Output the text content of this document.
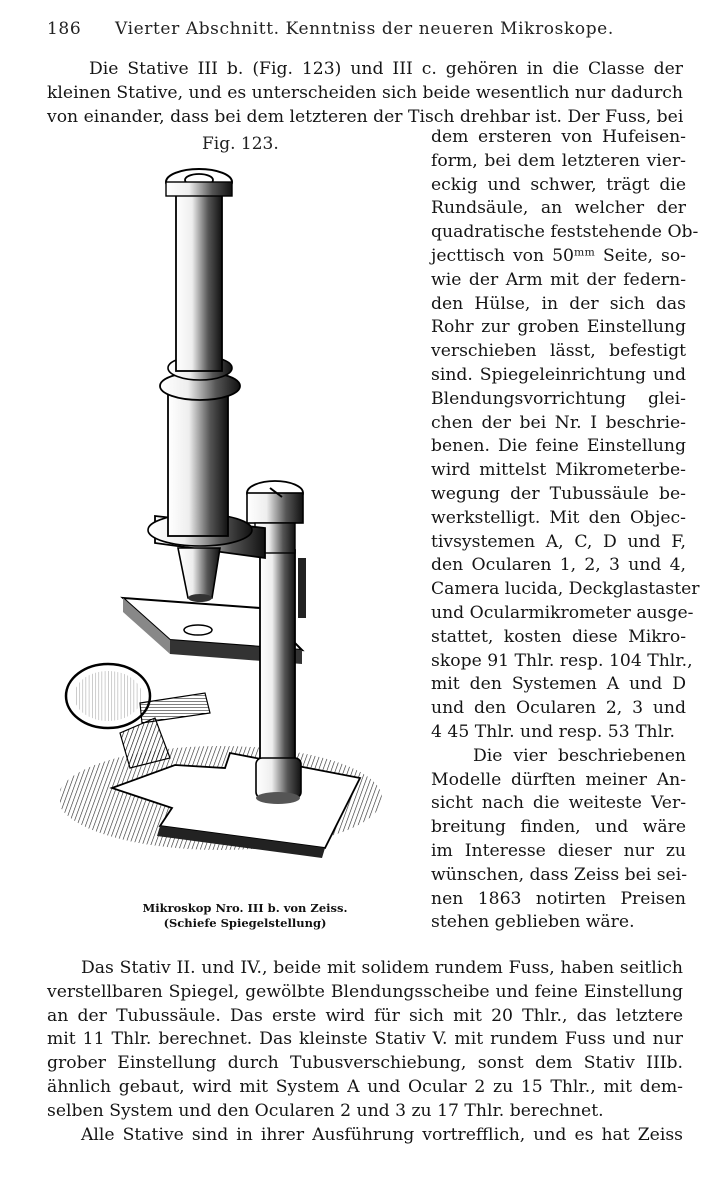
186 Vierter Abschnitt. Kenntniss der neueren Mikroskope.
Die Stative III b. (Fig. 123) und III c. gehören in die Classe der
kleinen Stative, und es unterscheiden sich beide wesentlich nur dadurch
von einander, dass bei dem letzteren der Tisch drehbar ist. Der Fuss, bei
Fig. 123.
Mikroskop Nro. III b. von Zeiss.
(Schiefe Spiegelstellung)
dem ersteren von Hufeisen-
form, bei dem letzteren vier-
eckig und schwer, trägt die
Rundsäule, an welcher der
quadratische feststehende Ob-
jecttisch von 50ᵐᵐ Seite, so-
wie der Arm mit der federn-
den Hülse, in der sich das
Rohr zur groben Einstellung
verschieben lässt, befestigt
sind. Spiegeleinrichtung und
Blendungsvorrichtung glei-
chen der bei Nr. I beschrie-
benen. Die feine Einstellung
wird mittelst Mikrometerbe-
wegung der Tubussäule be-
werkstelligt. Mit den Objec-
tivsystemen A, C, D und F,
den Ocularen 1, 2, 3 und 4,
Camera lucida, Deckglastaster
und Ocularmikrometer ausge-
stattet, kosten diese Mikro-
skope 91 Thlr. resp. 104 Thlr.,
mit den Systemen A und D
und den Ocularen 2, 3 und
4 45 Thlr. und resp. 53 Thlr.
Die vier beschriebenen
Modelle dürften meiner An-
sicht nach die weiteste Ver-
breitung finden, und wäre
im Interesse dieser nur zu
wünschen, dass Zeiss bei sei-
nen 1863 notirten Preisen
stehen geblieben wäre.
Das Stativ II. und IV., beide mit solidem rundem Fuss, haben seitlich
verstellbaren Spiegel, gewölbte Blendungsscheibe und feine Einstellung
an der Tubussäule. Das erste wird für sich mit 20 Thlr., das letztere
mit 11 Thlr. berechnet. Das kleinste Stativ V. mit rundem Fuss und nur
grober Einstellung durch Tubusverschiebung, sonst dem Stativ IIIb.
ähnlich gebaut, wird mit System A und Ocular 2 zu 15 Thlr., mit dem-
selben System und den Ocularen 2 und 3 zu 17 Thlr. berechnet.
Alle Stative sind in ihrer Ausführung vortrefflich, und es hat Zeiss
